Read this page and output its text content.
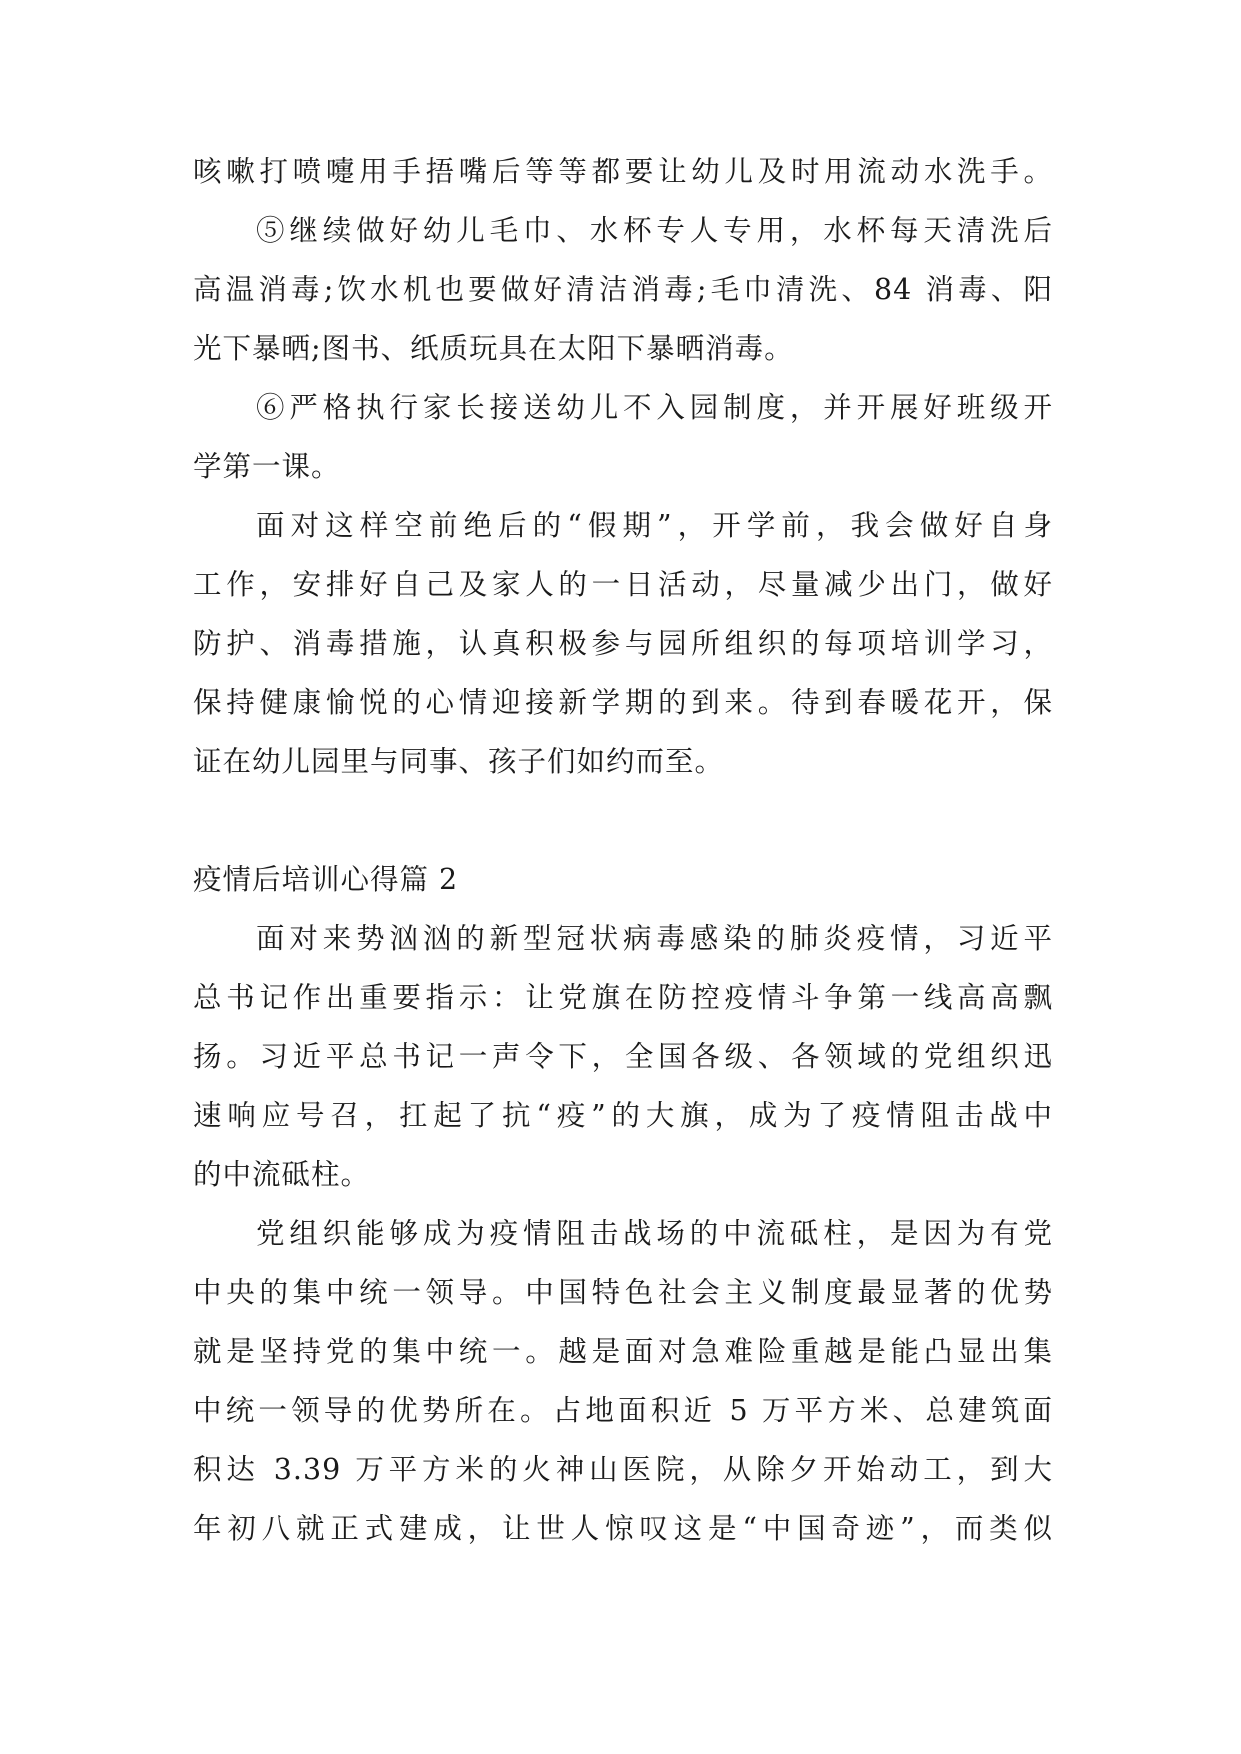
咳嗽打喷嚏用手捂嘴后等等都要让幼儿及时用流动水洗手。
⑤继续做好幼儿毛巾、水杯专人专用，水杯每天清洗后
高温消毒;饮水机也要做好清洁消毒;毛巾清洗、84 消毒、阳
光下暴晒;图书、纸质玩具在太阳下暴晒消毒。
⑥严格执行家长接送幼儿不入园制度，并开展好班级开
学第一课。
面对这样空前绝后的“假期”，开学前，我会做好自身
工作，安排好自己及家人的一日活动，尽量减少出门，做好
防护、消毒措施，认真积极参与园所组织的每项培训学习，
保持健康愉悦的心情迎接新学期的到来。待到春暖花开，保
证在幼儿园里与同事、孩子们如约而至。
疫情后培训心得篇 2
面对来势汹汹的新型冠状病毒感染的肺炎疫情，习近平
总书记作出重要指示：让党旗在防控疫情斗争第一线高高飘
扬。习近平总书记一声令下，全国各级、各领域的党组织迅
速响应号召，扛起了抗“疫”的大旗，成为了疫情阻击战中
的中流砥柱。
党组织能够成为疫情阻击战场的中流砥柱，是因为有党
中央的集中统一领导。中国特色社会主义制度最显著的优势
就是坚持党的集中统一。越是面对急难险重越是能凸显出集
中统一领导的优势所在。占地面积近 5 万平方米、总建筑面
积达 3.39 万平方米的火神山医院，从除夕开始动工，到大
年初八就正式建成，让世人惊叹这是“中国奇迹”，而类似
